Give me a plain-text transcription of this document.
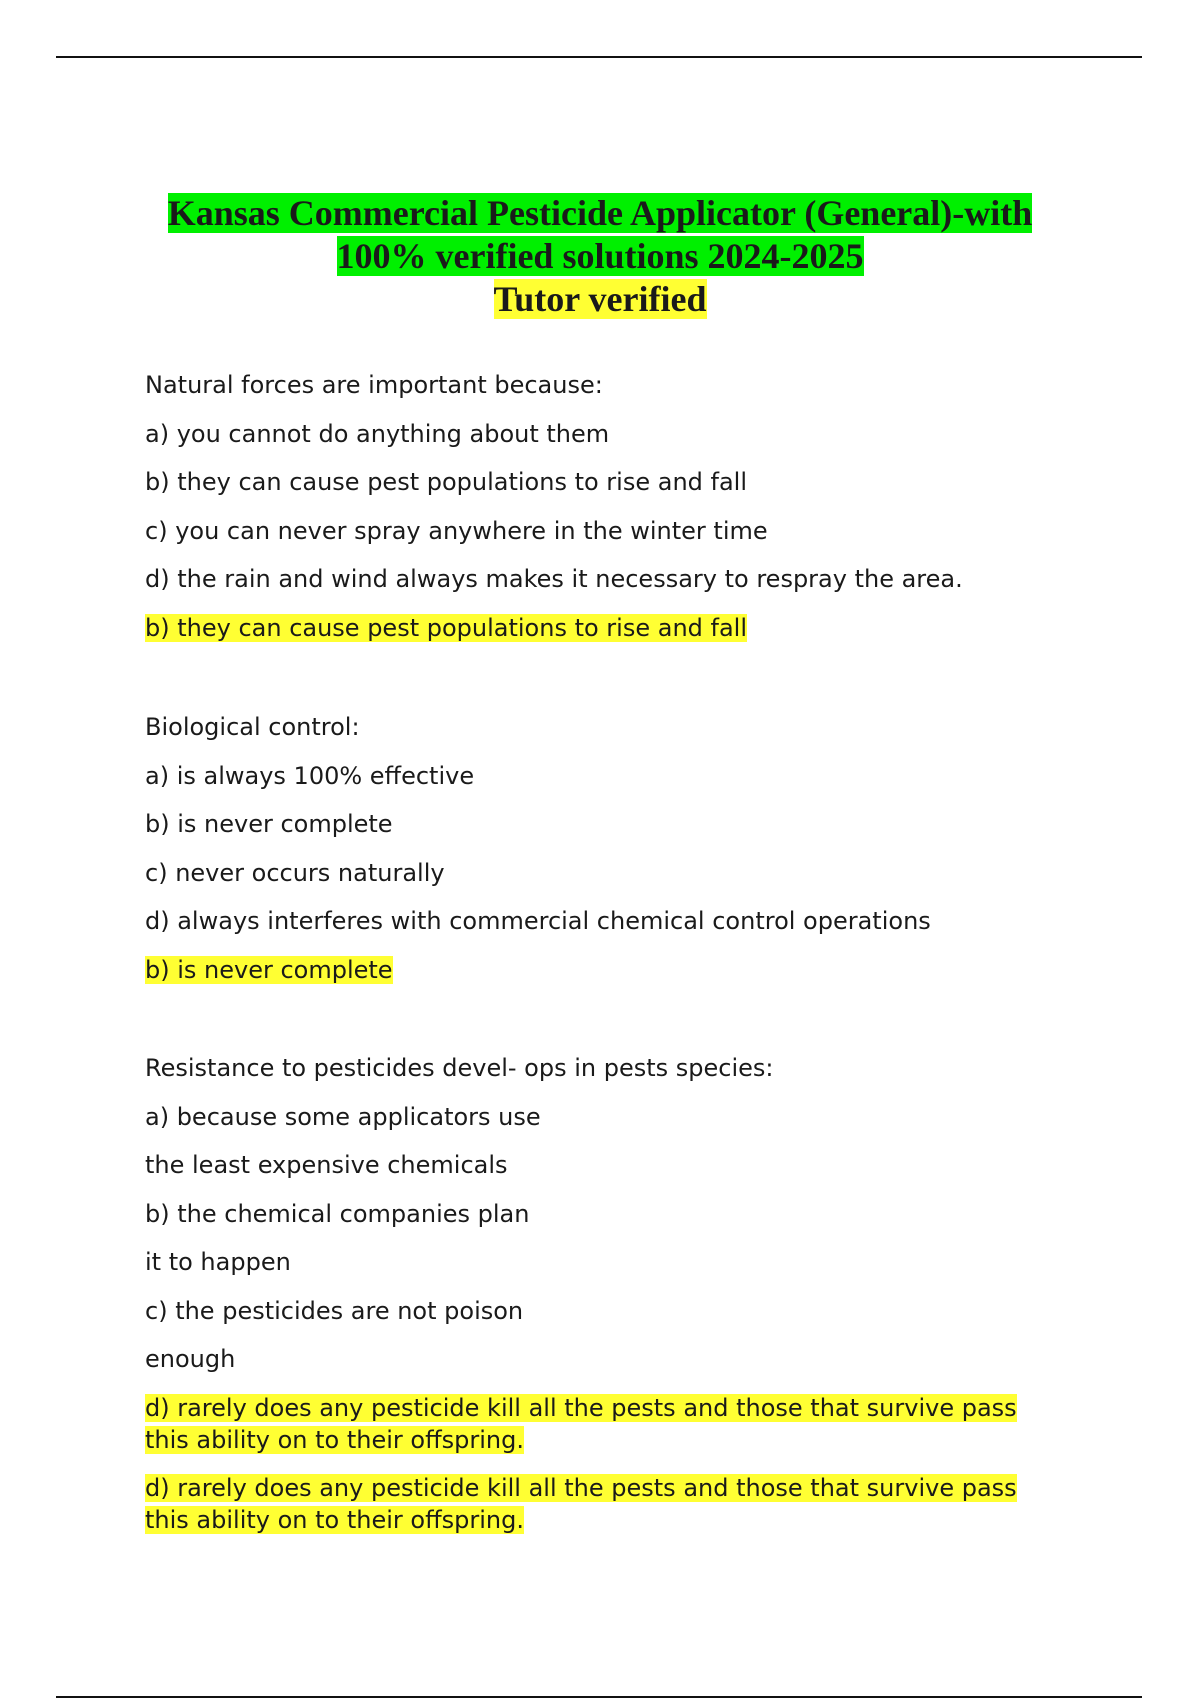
Kansas Commercial Pesticide Applicator (General)-with
100% verified solutions 2024-2025
Tutor verified
Natural forces are important because:
a) you cannot do anything about them
b) they can cause pest populations to rise and fall
c) you can never spray anywhere in the winter time
d) the rain and wind always makes it necessary to respray the area.
b) they can cause pest populations to rise and fall
Biological control:
a) is always 100% effective
b) is never complete
c) never occurs naturally
d) always interferes with commercial chemical control operations
b) is never complete
Resistance to pesticides devel- ops in pests species:
a) because some applicators use
the least expensive chemicals
b) the chemical companies plan
it to happen
c) the pesticides are not poison
enough
d) rarely does any pesticide kill all the pests and those that survive pass
this ability on to their offspring.
d) rarely does any pesticide kill all the pests and those that survive pass
this ability on to their offspring.
